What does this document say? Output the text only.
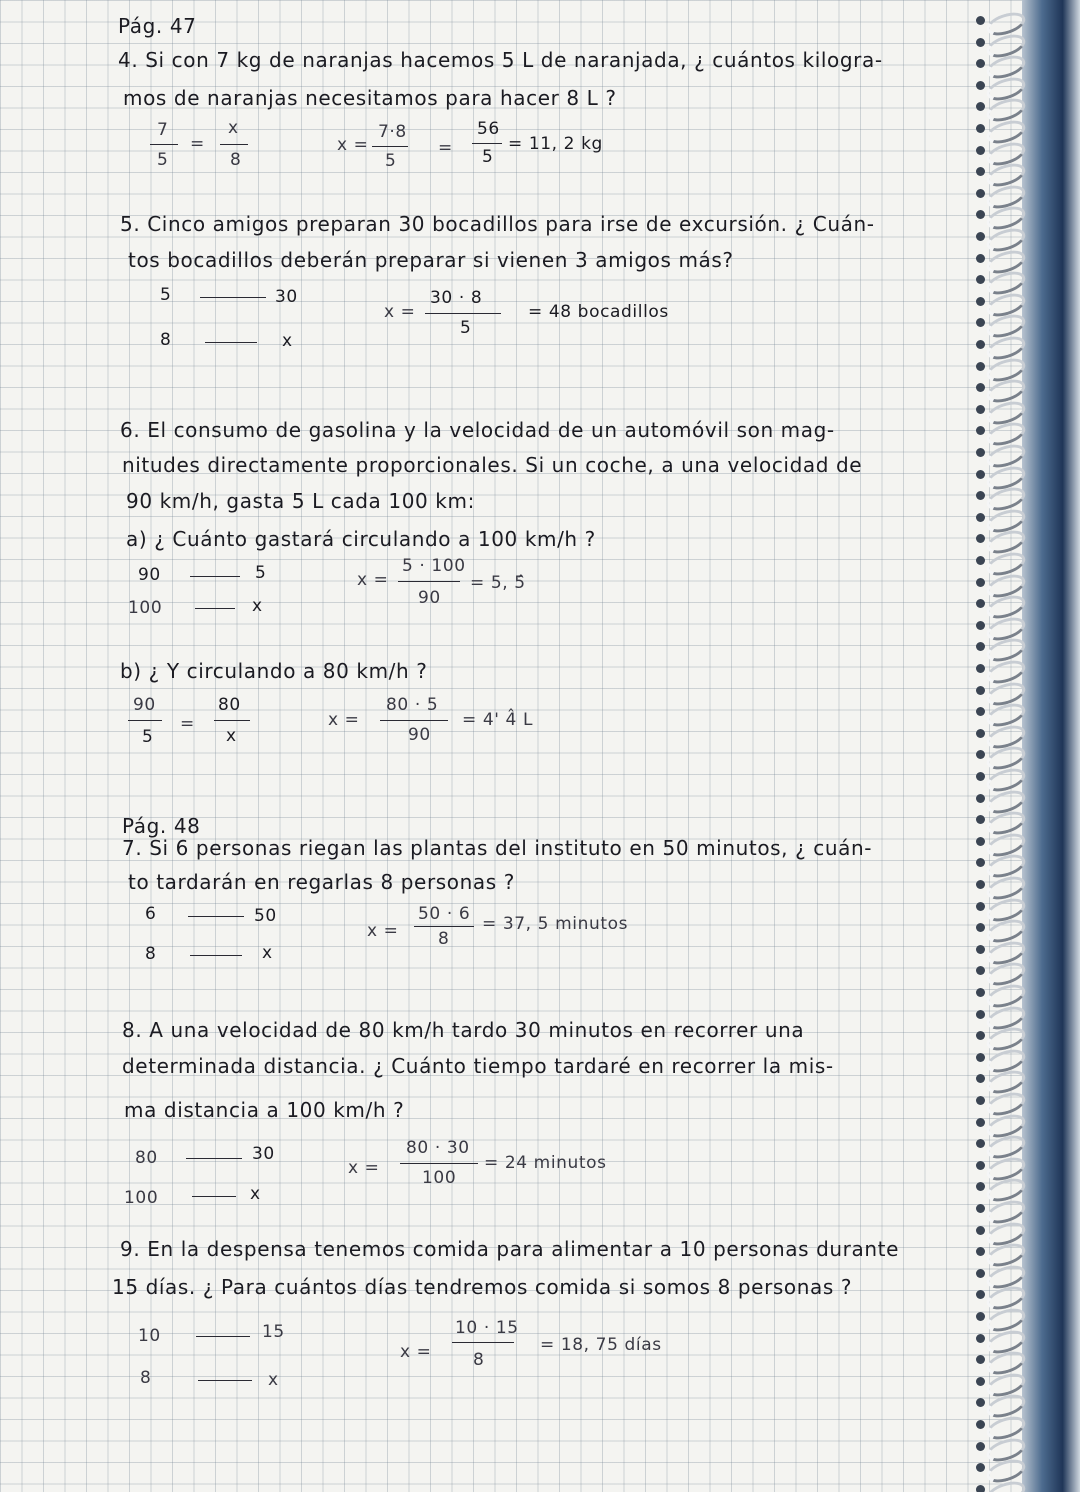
Pág. 47
4. Si con 7 kg de naranjas hacemos 5 L de naranjada, ¿ cuántos kilogra-
mos de naranjas necesitamos para hacer 8 L ?
7
5
=
x
8
x =
7·8
5
=
56
5
= 11, 2 kg
5. Cinco amigos preparan 30 bocadillos para irse de excursión. ¿ Cuán-
tos bocadillos deberán preparar si vienen 3 amigos más?
5	30
8	x
x =
30 · 8
5
= 48 bocadillos
6. El consumo de gasolina y la velocidad de un automóvil son mag-
nitudes directamente proporcionales. Si un coche, a una velocidad de
90 km/h, gasta 5 L cada 100 km:
a) ¿ Cuánto gastará circulando a 100 km/h ?
90	5
100	x
x =
5 · 100
90
= 5, 5̂
b) ¿ Y circulando a 80 km/h ?
90
5
=
80
x
x =
80 · 5
90
= 4' 4̂ L
Pág. 48
7. Si 6 personas riegan las plantas del instituto en 50 minutos, ¿ cuán-
to tardarán en regarlas 8 personas ?
6	50
8	x
x =
50 · 6
8
= 37, 5 minutos
8. A una velocidad de 80 km/h tardo 30 minutos en recorrer una
determinada distancia. ¿ Cuánto tiempo tardaré en recorrer la mis-
ma distancia a 100 km/h ?
80	30
100	x
x =
80 · 30
100
= 24 minutos
9. En la despensa tenemos comida para alimentar a 10 personas durante
15 días. ¿ Para cuántos días tendremos comida si somos 8 personas ?
10	15
8	x
x =
10 · 15
8
= 18, 75 días
